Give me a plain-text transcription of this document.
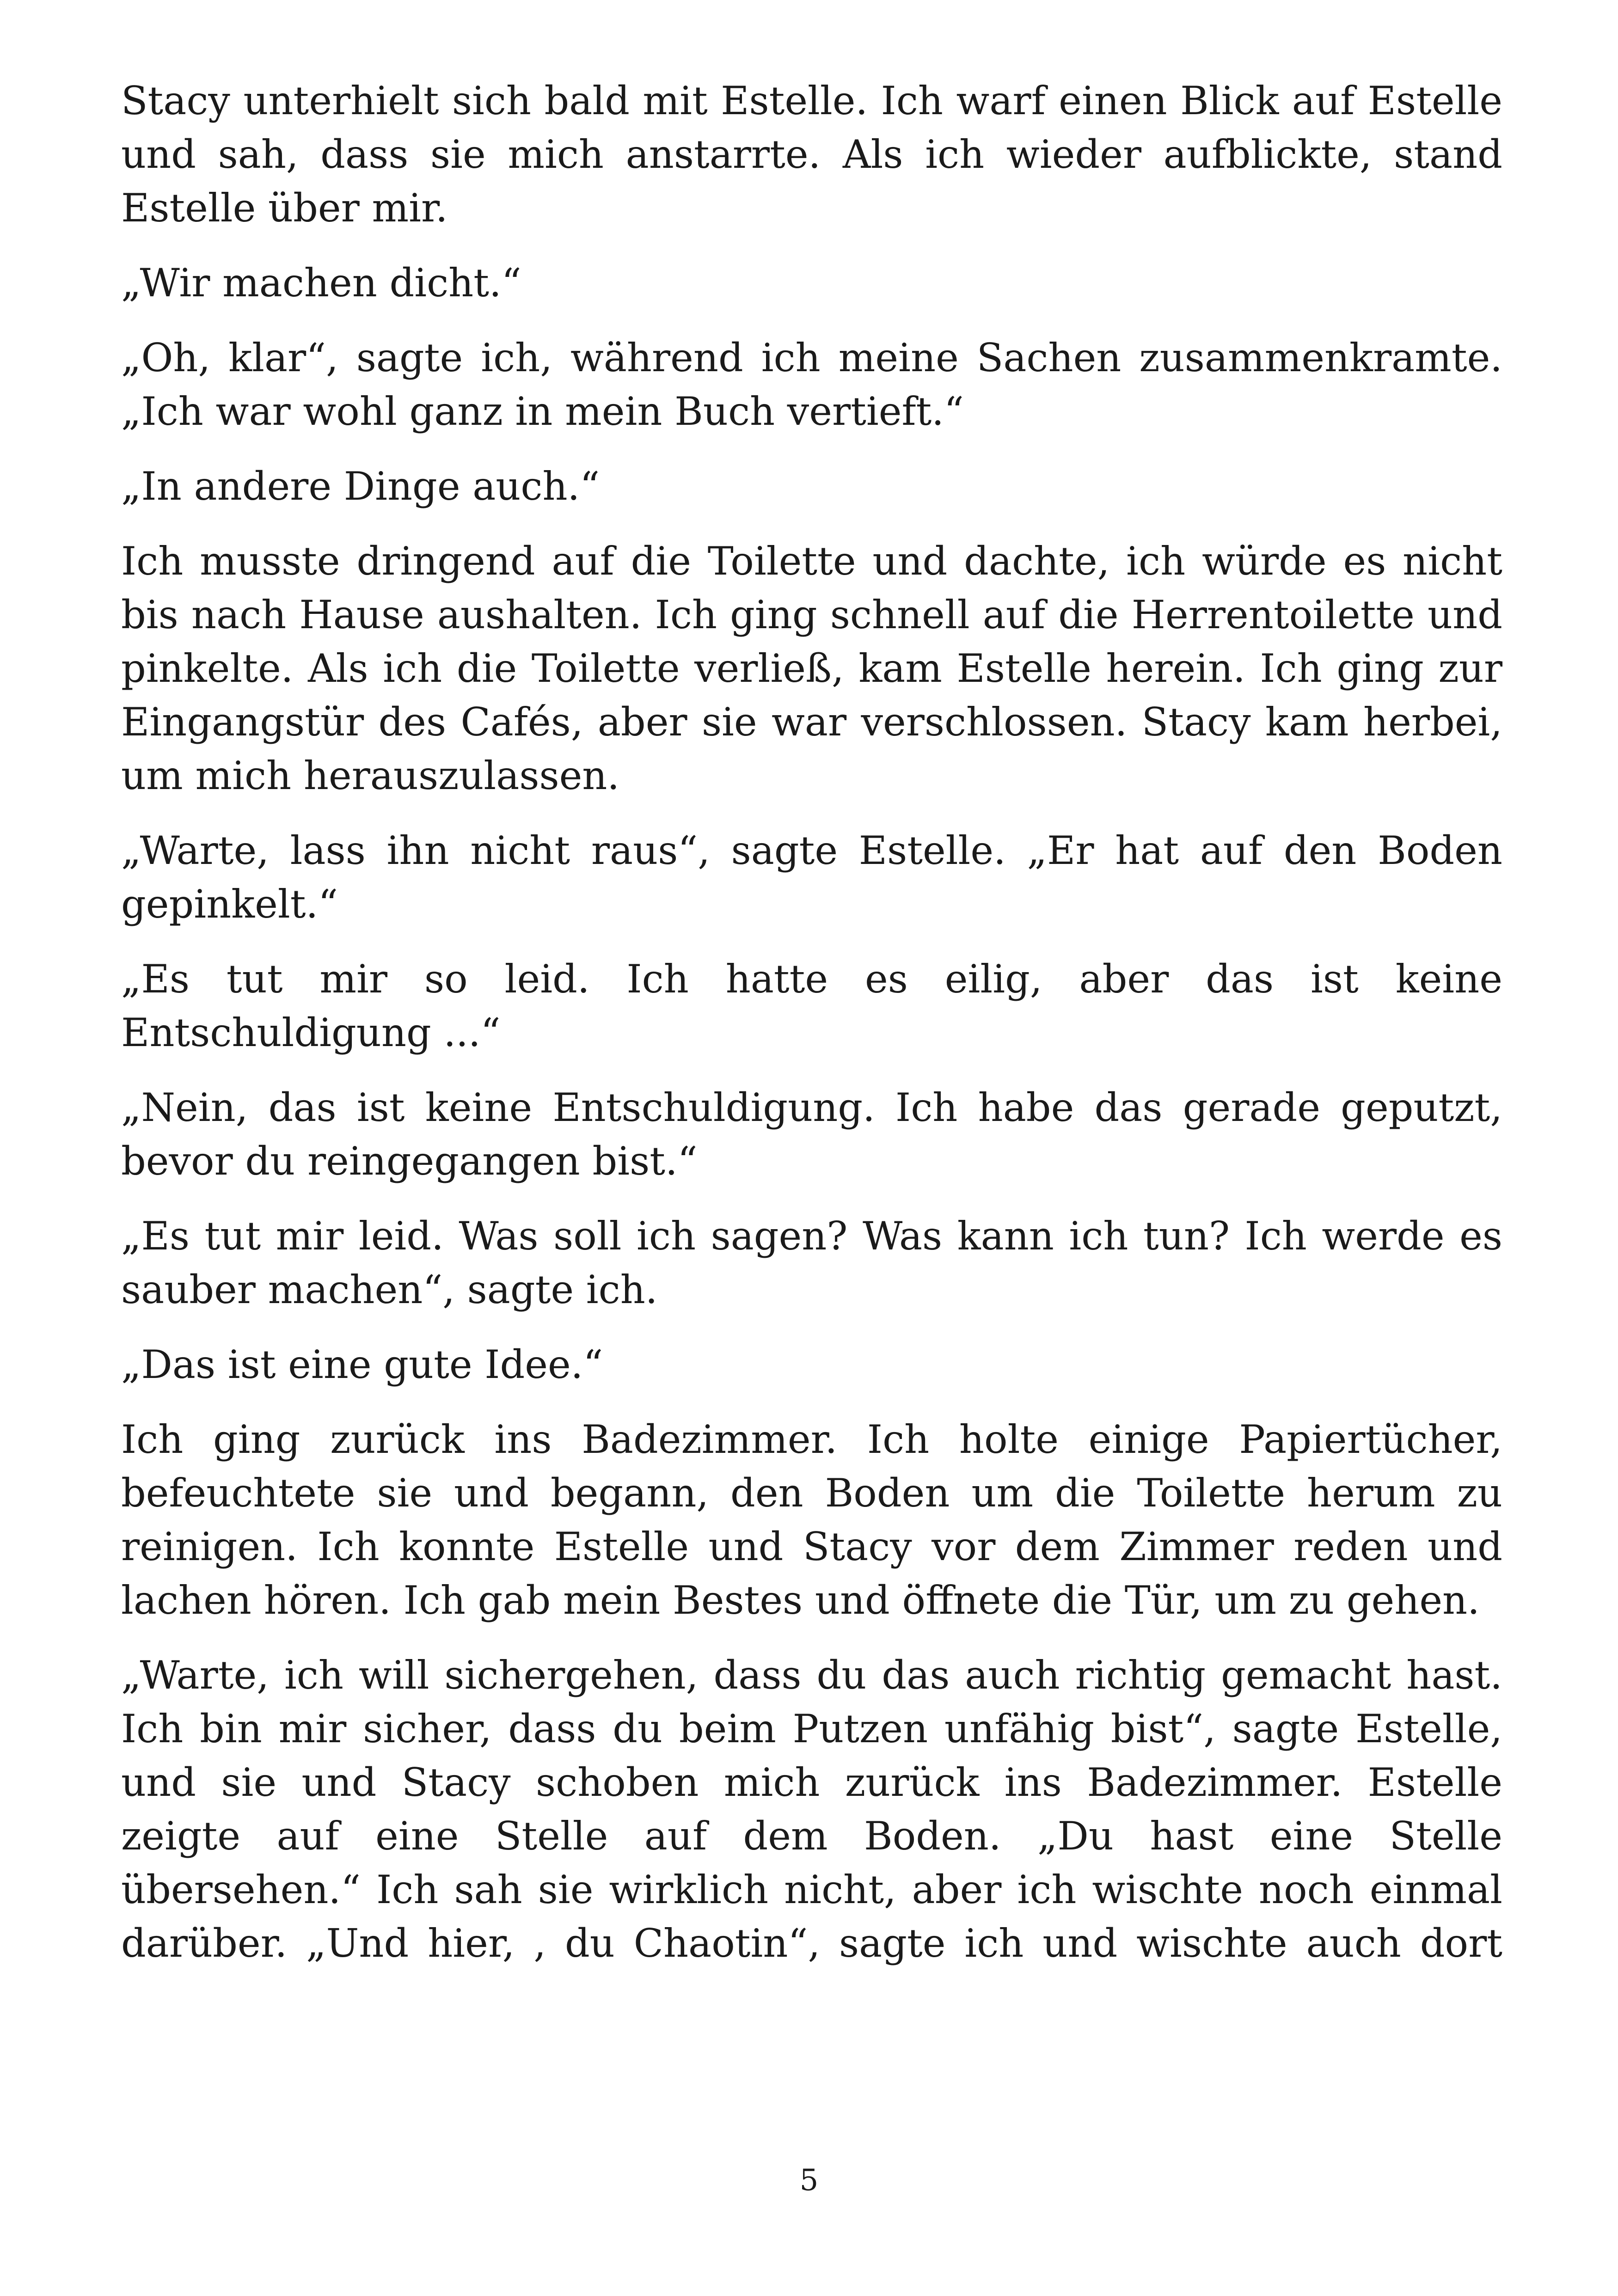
Stacy unterhielt sich bald mit Estelle. Ich warf einen Blick auf Estelle und sah, dass sie mich anstarrte. Als ich wieder aufblickte, stand Estelle über mir.

„Wir machen dicht.“

„Oh, klar“, sagte ich, während ich meine Sachen zusammenkramte. „Ich war wohl ganz in mein Buch vertieft.“

„In andere Dinge auch.“

Ich musste dringend auf die Toilette und dachte, ich würde es nicht bis nach Hause aushalten. Ich ging schnell auf die Herrentoilette und pinkelte. Als ich die Toilette verließ, kam Estelle herein. Ich ging zur Eingangstür des Cafés, aber sie war verschlossen. Stacy kam herbei, um mich herauszulassen.

„Warte, lass ihn nicht raus“, sagte Estelle. „Er hat auf den Boden gepinkelt.“

„Es tut mir so leid. Ich hatte es eilig, aber das ist keine Entschuldigung ...“

„Nein, das ist keine Entschuldigung. Ich habe das gerade geputzt, bevor du reingegangen bist.“

„Es tut mir leid. Was soll ich sagen? Was kann ich tun? Ich werde es sauber machen“, sagte ich.

„Das ist eine gute Idee.“

Ich ging zurück ins Badezimmer. Ich holte einige Papiertücher, befeuchtete sie und begann, den Boden um die Toilette herum zu reinigen. Ich konnte Estelle und Stacy vor dem Zimmer reden und lachen hören. Ich gab mein Bestes und öffnete die Tür, um zu gehen.

„Warte, ich will sichergehen, dass du das auch richtig gemacht hast. Ich bin mir sicher, dass du beim Putzen unfähig bist“, sagte Estelle, und sie und Stacy schoben mich zurück ins Badezimmer. Estelle zeigte auf eine Stelle auf dem Boden. „Du hast eine Stelle übersehen.“ Ich sah sie wirklich nicht, aber ich wischte noch einmal darüber. „Und hier, , du Chaotin“, sagte ich und wischte auch dort

5
